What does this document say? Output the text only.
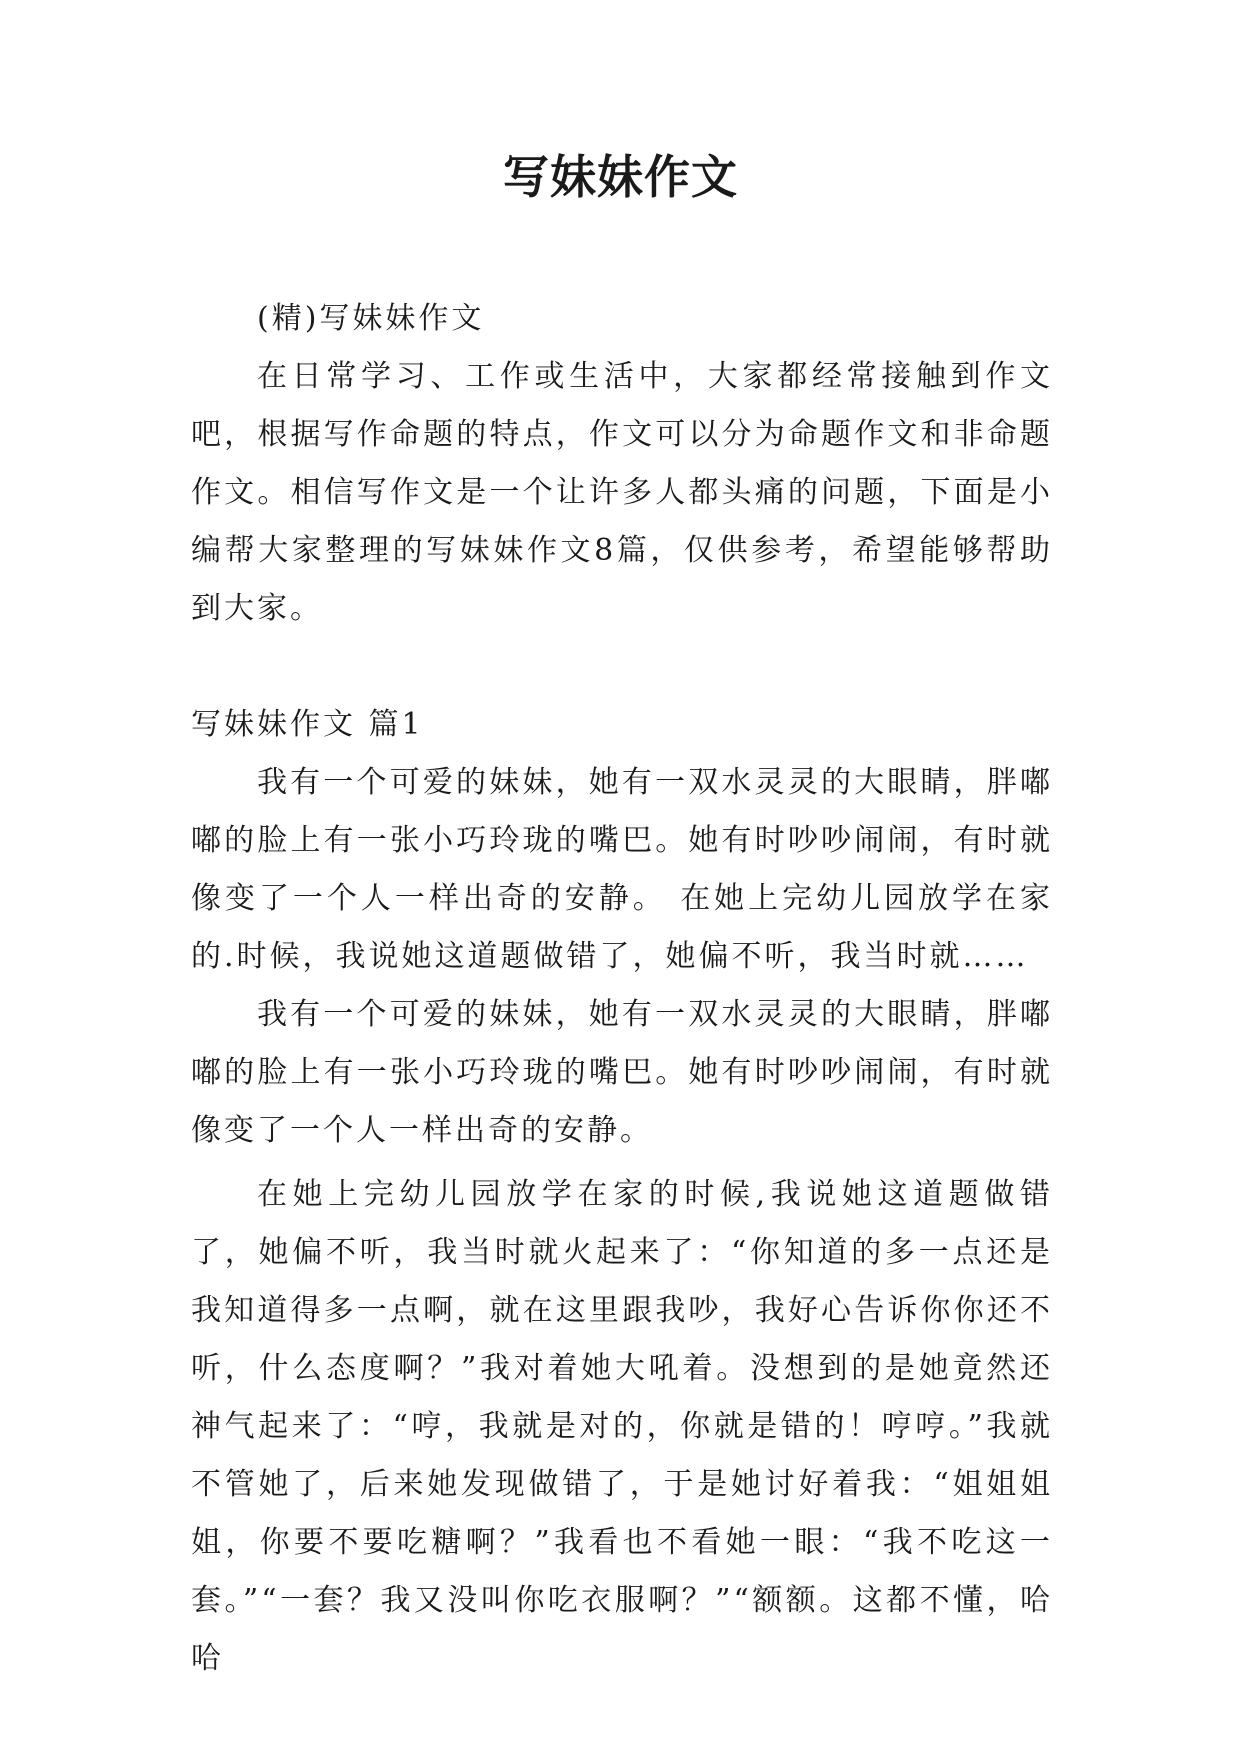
写妹妹作文

(精)写妹妹作文

在日常学习、工作或生活中，大家都经常接触到作文吧，根据写作命题的特点，作文可以分为命题作文和非命题作文。相信写作文是一个让许多人都头痛的问题，下面是小编帮大家整理的写妹妹作文8篇，仅供参考，希望能够帮助到大家。

写妹妹作文 篇1

我有一个可爱的妹妹，她有一双水灵灵的大眼睛，胖嘟嘟的脸上有一张小巧玲珑的嘴巴。她有时吵吵闹闹，有时就像变了一个人一样出奇的安静。 在她上完幼儿园放学在家的.时候，我说她这道题做错了，她偏不听，我当时就……

我有一个可爱的妹妹，她有一双水灵灵的大眼睛，胖嘟嘟的脸上有一张小巧玲珑的嘴巴。她有时吵吵闹闹，有时就像变了一个人一样出奇的安静。

在她上完幼儿园放学在家的时候,我说她这道题做错了，她偏不听，我当时就火起来了：“你知道的多一点还是我知道得多一点啊，就在这里跟我吵，我好心告诉你你还不听，什么态度啊？”我对着她大吼着。没想到的是她竟然还神气起来了：“哼，我就是对的，你就是错的！哼哼。”我就不管她了，后来她发现做错了，于是她讨好着我：“姐姐姐姐，你要不要吃糖啊？”我看也不看她一眼：“我不吃这一套。”“一套？我又没叫你吃衣服啊？”“额额。这都不懂，哈哈
